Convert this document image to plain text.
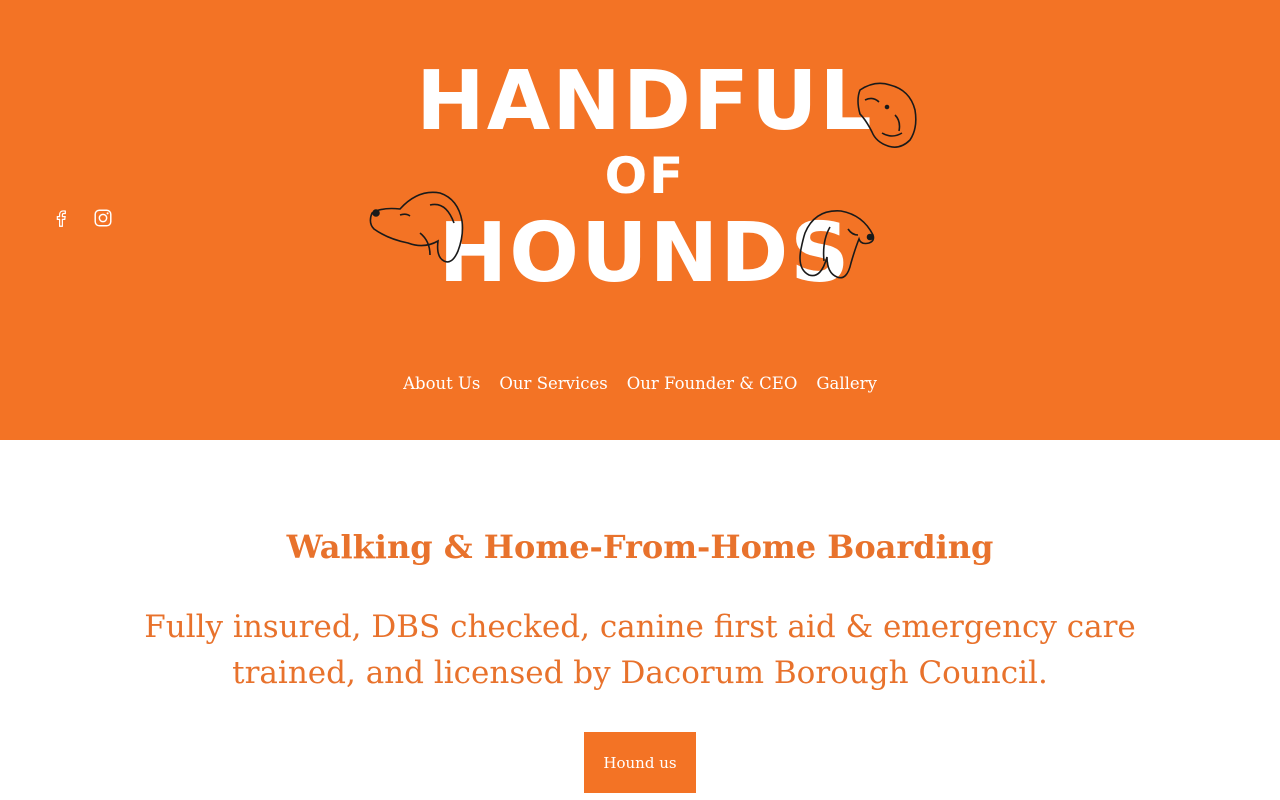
HANDFUL
OF
HOUNDS
About Us Our Services Our Founder & CEO Gallery
Walking & Home-From-Home Boarding

Fully insured, DBS checked, canine first aid & emergency care trained, and licensed by Dacorum Borough Council.

Hound us
